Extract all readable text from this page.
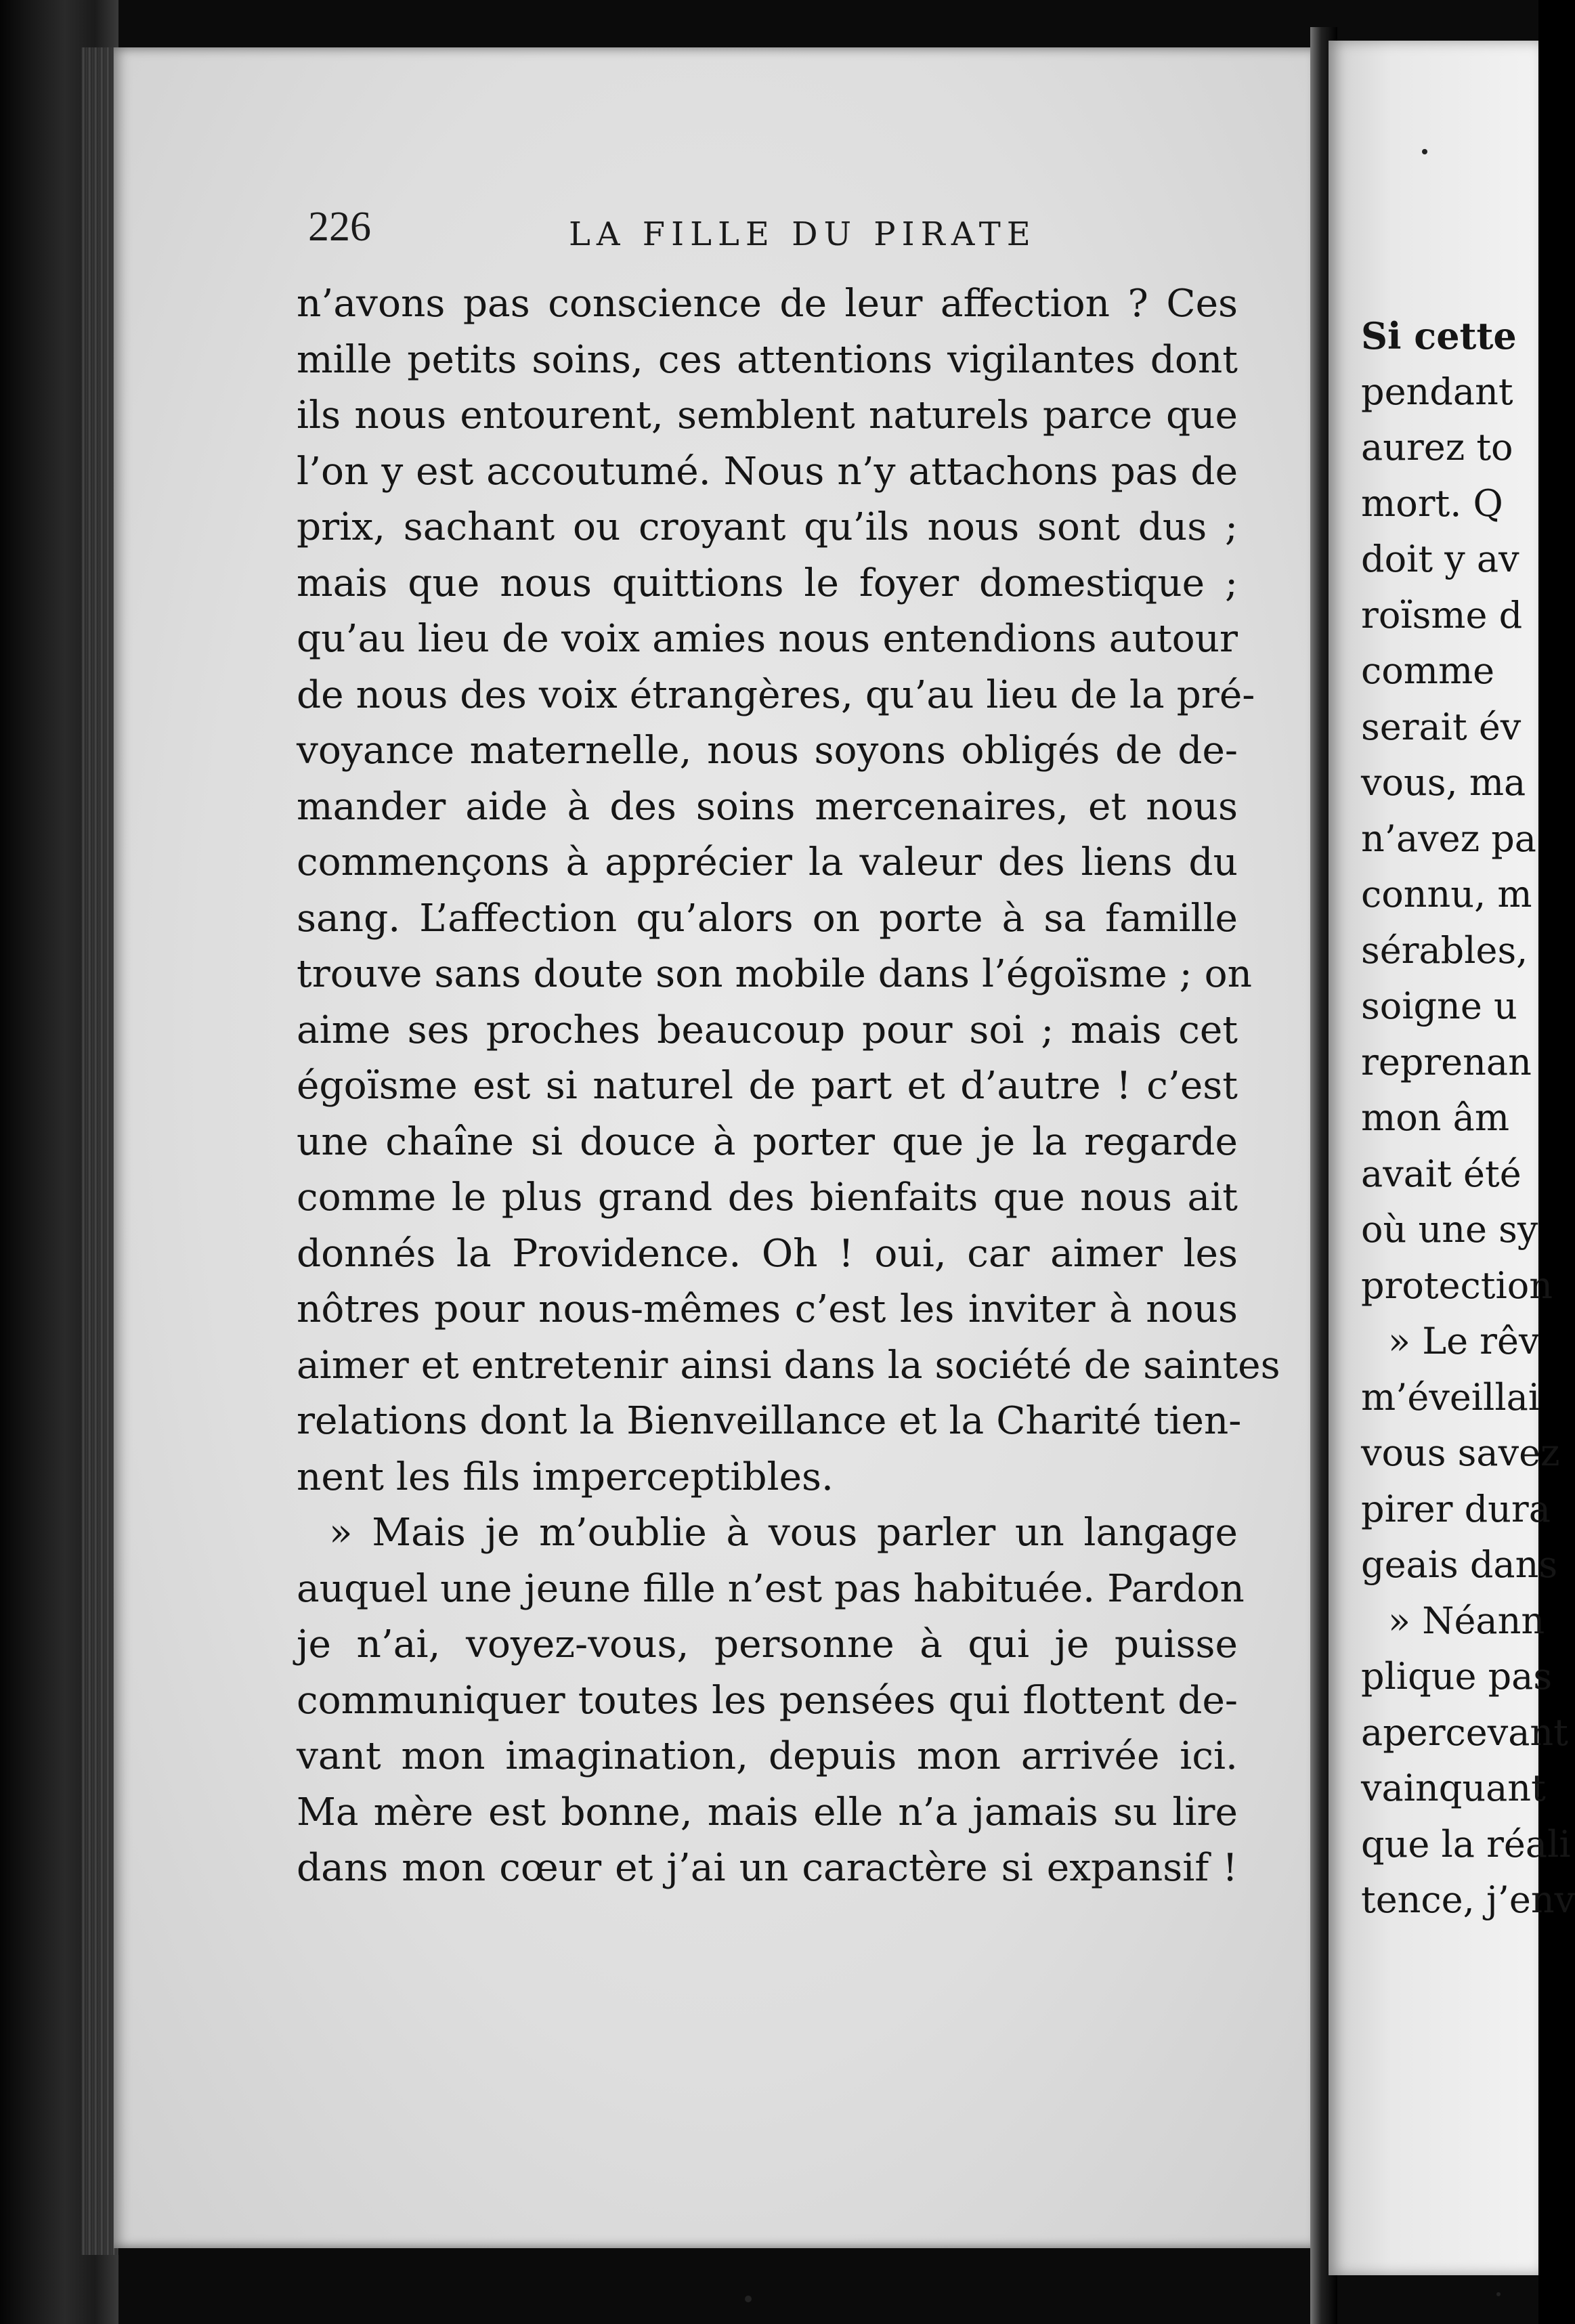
226	LA FILLE DU PIRATE
n’avons pas conscience de leur affection ? Ces
mille petits soins, ces attentions vigilantes dont
ils nous entourent, semblent naturels parce que
l’on y est accoutumé. Nous n’y attachons pas de
prix, sachant ou croyant qu’ils nous sont dus ;
mais que nous quittions le foyer domestique ;
qu’au lieu de voix amies nous entendions autour
de nous des voix étrangères, qu’au lieu de la pré-
voyance maternelle, nous soyons obligés de de-
mander aide à des soins mercenaires, et nous
commençons à apprécier la valeur des liens du
sang. L’affection qu’alors on porte à sa famille
trouve sans doute son mobile dans l’égoïsme ; on
aime ses proches beaucoup pour soi ; mais cet
égoïsme est si naturel de part et d’autre ! c’est
une chaîne si douce à porter que je la regarde
comme le plus grand des bienfaits que nous ait
donnés la Providence. Oh ! oui, car aimer les
nôtres pour nous-mêmes c’est les inviter à nous
aimer et entretenir ainsi dans la société de saintes
relations dont la Bienveillance et la Charité tien-
nent les fils imperceptibles.
» Mais je m’oublie à vous parler un langage
auquel une jeune fille n’est pas habituée. Pardon
je n’ai, voyez-vous, personne à qui je puisse
communiquer toutes les pensées qui flottent de-
vant mon imagination, depuis mon arrivée ici.
Ma mère est bonne, mais elle n’a jamais su lire
dans mon cœur et j’ai un caractère si expansif !
Si cette
pendant
aurez to
mort. Q
doit y av
roïsme d
comme
serait év
vous, ma
n’avez pa
connu, m
sérables,
soigne u
reprenan
mon âm
avait été
où une sy
protection
» Le rêv
m’éveillai
vous savez
pirer dura
geais dans
» Néann
plique pas
apercevant
vainquant
que la réali
tence, j’env
